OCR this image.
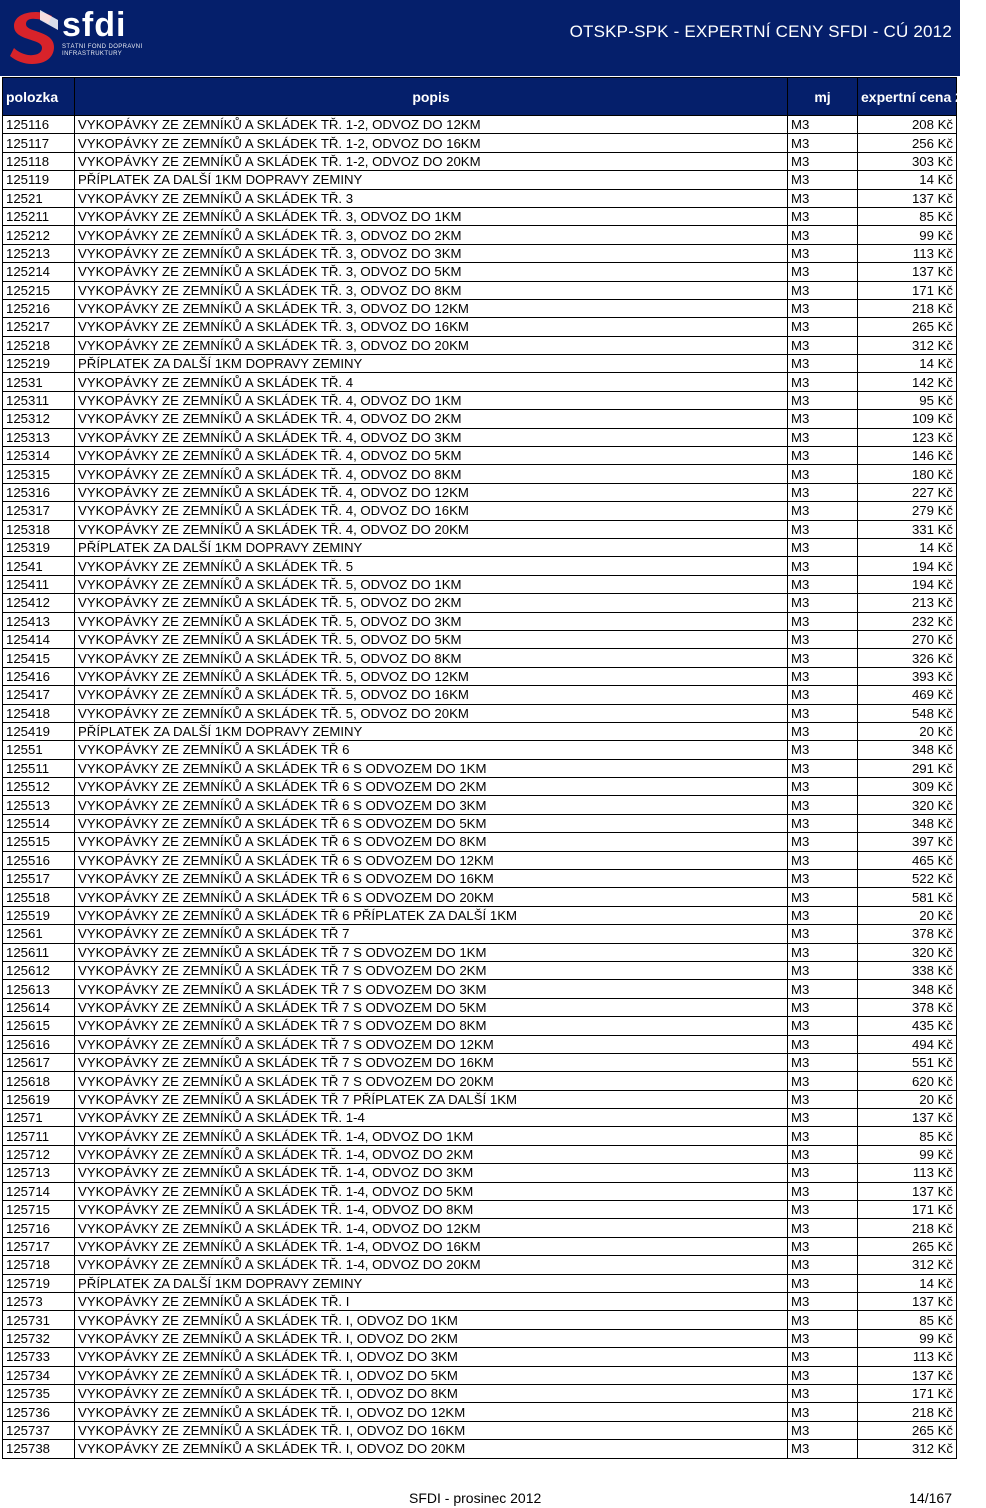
sfdi
STÁTNÍ FOND DOPRAVNÍ INFRASTRUKTURY
OTSKP-SPK - EXPERTNÍ CENY SFDI - CÚ 2012
polozka	popis	mj	expertní cena 2012
125116	VYKOPÁVKY ZE ZEMNÍKŮ A SKLÁDEK TŘ. 1-2, ODVOZ DO 12KM	M3	208 Kč
125117	VYKOPÁVKY ZE ZEMNÍKŮ A SKLÁDEK TŘ. 1-2, ODVOZ DO 16KM	M3	256 Kč
125118	VYKOPÁVKY ZE ZEMNÍKŮ A SKLÁDEK TŘ. 1-2, ODVOZ DO 20KM	M3	303 Kč
125119	PŘÍPLATEK ZA DALŠÍ 1KM DOPRAVY ZEMINY	M3	14 Kč
12521	VYKOPÁVKY ZE ZEMNÍKŮ A SKLÁDEK TŘ. 3	M3	137 Kč
125211	VYKOPÁVKY ZE ZEMNÍKŮ A SKLÁDEK TŘ. 3, ODVOZ DO 1KM	M3	85 Kč
125212	VYKOPÁVKY ZE ZEMNÍKŮ A SKLÁDEK TŘ. 3, ODVOZ DO 2KM	M3	99 Kč
125213	VYKOPÁVKY ZE ZEMNÍKŮ A SKLÁDEK TŘ. 3, ODVOZ DO 3KM	M3	113 Kč
125214	VYKOPÁVKY ZE ZEMNÍKŮ A SKLÁDEK TŘ. 3, ODVOZ DO 5KM	M3	137 Kč
125215	VYKOPÁVKY ZE ZEMNÍKŮ A SKLÁDEK TŘ. 3, ODVOZ DO 8KM	M3	171 Kč
125216	VYKOPÁVKY ZE ZEMNÍKŮ A SKLÁDEK TŘ. 3, ODVOZ DO 12KM	M3	218 Kč
125217	VYKOPÁVKY ZE ZEMNÍKŮ A SKLÁDEK TŘ. 3, ODVOZ DO 16KM	M3	265 Kč
125218	VYKOPÁVKY ZE ZEMNÍKŮ A SKLÁDEK TŘ. 3, ODVOZ DO 20KM	M3	312 Kč
125219	PŘÍPLATEK ZA DALŠÍ 1KM DOPRAVY ZEMINY	M3	14 Kč
12531	VYKOPÁVKY ZE ZEMNÍKŮ A SKLÁDEK TŘ. 4	M3	142 Kč
125311	VYKOPÁVKY ZE ZEMNÍKŮ A SKLÁDEK TŘ. 4, ODVOZ DO 1KM	M3	95 Kč
125312	VYKOPÁVKY ZE ZEMNÍKŮ A SKLÁDEK TŘ. 4, ODVOZ DO 2KM	M3	109 Kč
125313	VYKOPÁVKY ZE ZEMNÍKŮ A SKLÁDEK TŘ. 4, ODVOZ DO 3KM	M3	123 Kč
125314	VYKOPÁVKY ZE ZEMNÍKŮ A SKLÁDEK TŘ. 4, ODVOZ DO 5KM	M3	146 Kč
125315	VYKOPÁVKY ZE ZEMNÍKŮ A SKLÁDEK TŘ. 4, ODVOZ DO 8KM	M3	180 Kč
125316	VYKOPÁVKY ZE ZEMNÍKŮ A SKLÁDEK TŘ. 4, ODVOZ DO 12KM	M3	227 Kč
125317	VYKOPÁVKY ZE ZEMNÍKŮ A SKLÁDEK TŘ. 4, ODVOZ DO 16KM	M3	279 Kč
125318	VYKOPÁVKY ZE ZEMNÍKŮ A SKLÁDEK TŘ. 4, ODVOZ DO 20KM	M3	331 Kč
125319	PŘÍPLATEK ZA DALŠÍ 1KM DOPRAVY ZEMINY	M3	14 Kč
12541	VYKOPÁVKY ZE ZEMNÍKŮ A SKLÁDEK TŘ. 5	M3	194 Kč
125411	VYKOPÁVKY ZE ZEMNÍKŮ A SKLÁDEK TŘ. 5, ODVOZ DO 1KM	M3	194 Kč
125412	VYKOPÁVKY ZE ZEMNÍKŮ A SKLÁDEK TŘ. 5, ODVOZ DO 2KM	M3	213 Kč
125413	VYKOPÁVKY ZE ZEMNÍKŮ A SKLÁDEK TŘ. 5, ODVOZ DO 3KM	M3	232 Kč
125414	VYKOPÁVKY ZE ZEMNÍKŮ A SKLÁDEK TŘ. 5, ODVOZ DO 5KM	M3	270 Kč
125415	VYKOPÁVKY ZE ZEMNÍKŮ A SKLÁDEK TŘ. 5, ODVOZ DO 8KM	M3	326 Kč
125416	VYKOPÁVKY ZE ZEMNÍKŮ A SKLÁDEK TŘ. 5, ODVOZ DO 12KM	M3	393 Kč
125417	VYKOPÁVKY ZE ZEMNÍKŮ A SKLÁDEK TŘ. 5, ODVOZ DO 16KM	M3	469 Kč
125418	VYKOPÁVKY ZE ZEMNÍKŮ A SKLÁDEK TŘ. 5, ODVOZ DO 20KM	M3	548 Kč
125419	PŘÍPLATEK ZA DALŠÍ 1KM DOPRAVY ZEMINY	M3	20 Kč
12551	VYKOPÁVKY ZE ZEMNÍKŮ A SKLÁDEK TŘ 6	M3	348 Kč
125511	VYKOPÁVKY ZE ZEMNÍKŮ A SKLÁDEK TŘ 6 S ODVOZEM DO 1KM	M3	291 Kč
125512	VYKOPÁVKY ZE ZEMNÍKŮ A SKLÁDEK TŘ 6 S ODVOZEM DO 2KM	M3	309 Kč
125513	VYKOPÁVKY ZE ZEMNÍKŮ A SKLÁDEK TŘ 6 S ODVOZEM DO 3KM	M3	320 Kč
125514	VYKOPÁVKY ZE ZEMNÍKŮ A SKLÁDEK TŘ 6 S ODVOZEM DO 5KM	M3	348 Kč
125515	VYKOPÁVKY ZE ZEMNÍKŮ A SKLÁDEK TŘ 6 S ODVOZEM DO 8KM	M3	397 Kč
125516	VYKOPÁVKY ZE ZEMNÍKŮ A SKLÁDEK TŘ 6 S ODVOZEM DO 12KM	M3	465 Kč
125517	VYKOPÁVKY ZE ZEMNÍKŮ A SKLÁDEK TŘ 6 S ODVOZEM DO 16KM	M3	522 Kč
125518	VYKOPÁVKY ZE ZEMNÍKŮ A SKLÁDEK TŘ 6 S ODVOZEM DO 20KM	M3	581 Kč
125519	VYKOPÁVKY ZE ZEMNÍKŮ A SKLÁDEK TŘ 6 PŘÍPLATEK ZA DALŠÍ 1KM	M3	20 Kč
12561	VYKOPÁVKY ZE ZEMNÍKŮ A SKLÁDEK TŘ 7	M3	378 Kč
125611	VYKOPÁVKY ZE ZEMNÍKŮ A SKLÁDEK TŘ 7 S ODVOZEM DO 1KM	M3	320 Kč
125612	VYKOPÁVKY ZE ZEMNÍKŮ A SKLÁDEK TŘ 7 S ODVOZEM DO 2KM	M3	338 Kč
125613	VYKOPÁVKY ZE ZEMNÍKŮ A SKLÁDEK TŘ 7 S ODVOZEM DO 3KM	M3	348 Kč
125614	VYKOPÁVKY ZE ZEMNÍKŮ A SKLÁDEK TŘ 7 S ODVOZEM DO 5KM	M3	378 Kč
125615	VYKOPÁVKY ZE ZEMNÍKŮ A SKLÁDEK TŘ 7 S ODVOZEM DO 8KM	M3	435 Kč
125616	VYKOPÁVKY ZE ZEMNÍKŮ A SKLÁDEK TŘ 7 S ODVOZEM DO 12KM	M3	494 Kč
125617	VYKOPÁVKY ZE ZEMNÍKŮ A SKLÁDEK TŘ 7 S ODVOZEM DO 16KM	M3	551 Kč
125618	VYKOPÁVKY ZE ZEMNÍKŮ A SKLÁDEK TŘ 7 S ODVOZEM DO 20KM	M3	620 Kč
125619	VYKOPÁVKY ZE ZEMNÍKŮ A SKLÁDEK TŘ 7 PŘÍPLATEK ZA DALŠÍ 1KM	M3	20 Kč
12571	VYKOPÁVKY ZE ZEMNÍKŮ A SKLÁDEK TŘ. 1-4	M3	137 Kč
125711	VYKOPÁVKY ZE ZEMNÍKŮ A SKLÁDEK TŘ. 1-4, ODVOZ DO 1KM	M3	85 Kč
125712	VYKOPÁVKY ZE ZEMNÍKŮ A SKLÁDEK TŘ. 1-4, ODVOZ DO 2KM	M3	99 Kč
125713	VYKOPÁVKY ZE ZEMNÍKŮ A SKLÁDEK TŘ. 1-4, ODVOZ DO 3KM	M3	113 Kč
125714	VYKOPÁVKY ZE ZEMNÍKŮ A SKLÁDEK TŘ. 1-4, ODVOZ DO 5KM	M3	137 Kč
125715	VYKOPÁVKY ZE ZEMNÍKŮ A SKLÁDEK TŘ. 1-4, ODVOZ DO 8KM	M3	171 Kč
125716	VYKOPÁVKY ZE ZEMNÍKŮ A SKLÁDEK TŘ. 1-4, ODVOZ DO 12KM	M3	218 Kč
125717	VYKOPÁVKY ZE ZEMNÍKŮ A SKLÁDEK TŘ. 1-4, ODVOZ DO 16KM	M3	265 Kč
125718	VYKOPÁVKY ZE ZEMNÍKŮ A SKLÁDEK TŘ. 1-4, ODVOZ DO 20KM	M3	312 Kč
125719	PŘÍPLATEK ZA DALŠÍ 1KM DOPRAVY ZEMINY	M3	14 Kč
12573	VYKOPÁVKY ZE ZEMNÍKŮ A SKLÁDEK TŘ. I	M3	137 Kč
125731	VYKOPÁVKY ZE ZEMNÍKŮ A SKLÁDEK TŘ. I, ODVOZ DO 1KM	M3	85 Kč
125732	VYKOPÁVKY ZE ZEMNÍKŮ A SKLÁDEK TŘ. I, ODVOZ DO 2KM	M3	99 Kč
125733	VYKOPÁVKY ZE ZEMNÍKŮ A SKLÁDEK TŘ. I, ODVOZ DO 3KM	M3	113 Kč
125734	VYKOPÁVKY ZE ZEMNÍKŮ A SKLÁDEK TŘ. I, ODVOZ DO 5KM	M3	137 Kč
125735	VYKOPÁVKY ZE ZEMNÍKŮ A SKLÁDEK TŘ. I, ODVOZ DO 8KM	M3	171 Kč
125736	VYKOPÁVKY ZE ZEMNÍKŮ A SKLÁDEK TŘ. I, ODVOZ DO 12KM	M3	218 Kč
125737	VYKOPÁVKY ZE ZEMNÍKŮ A SKLÁDEK TŘ. I, ODVOZ DO 16KM	M3	265 Kč
125738	VYKOPÁVKY ZE ZEMNÍKŮ A SKLÁDEK TŘ. I, ODVOZ DO 20KM	M3	312 Kč
SFDI - prosinec 2012	14/167
